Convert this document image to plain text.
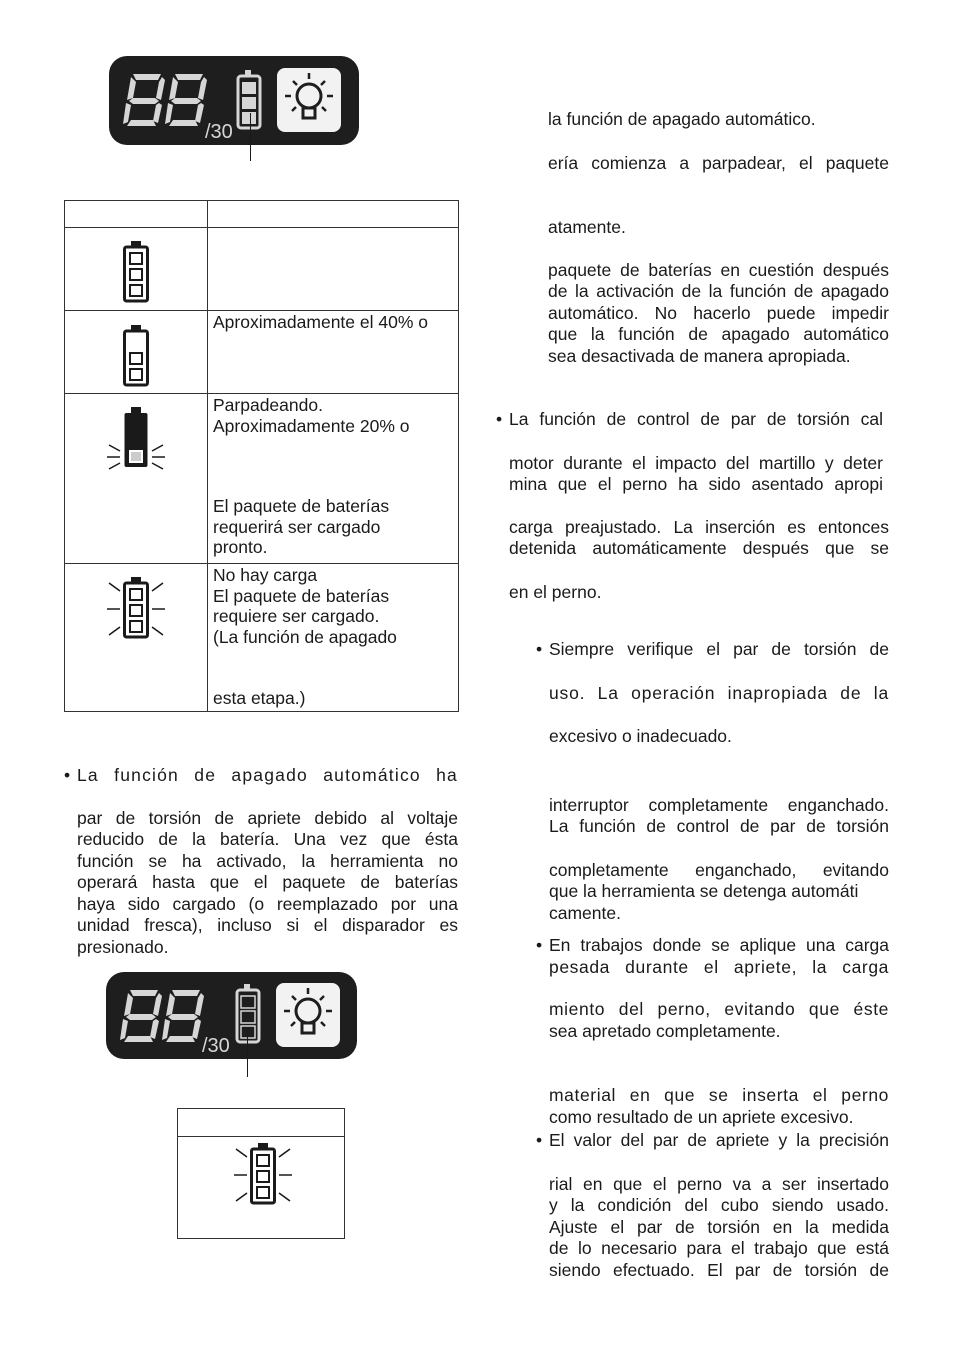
/30
Aproximadamente el 40% o
Parpadeando.
Aproximadamente 20% o
El paquete de baterías
requerirá ser cargado
pronto.
No hay carga
El paquete de baterías
requiere ser cargado.
(La función de apagado
esta etapa.)
• La función de apagado automático ha
par de torsión de apriete debido al voltaje
reducido de la batería. Una vez que ésta
función se ha activado, la herramienta no
operará hasta que el paquete de baterías
haya sido cargado (o reemplazado por una
unidad fresca), incluso si el disparador es
presionado.
/30
la función de apagado automático.
ería comienza a parpadear, el paquete
atamente.
paquete de baterías en cuestión después
de la activación de la función de apagado
automático. No hacerlo puede impedir
que la función de apagado automático
sea desactivada de manera apropiada.
• La función de control de par de torsión cal
motor durante el impacto del martillo y deter
mina que el perno ha sido asentado apropi
carga preajustado. La inserción es entonces
detenida automáticamente después que se
en el perno.
• Siempre verifique el par de torsión de
uso. La operación inapropiada de la
excesivo o inadecuado.
interruptor completamente enganchado.
La función de control de par de torsión
completamente enganchado, evitando
que la herramienta se detenga automáti
camente.
• En trabajos donde se aplique una carga
pesada durante el apriete, la carga
miento del perno, evitando que éste
sea apretado completamente.
material en que se inserta el perno
como resultado de un apriete excesivo.
• El valor del par de apriete y la precisión
rial en que el perno va a ser insertado
y la condición del cubo siendo usado.
Ajuste el par de torsión en la medida
de lo necesario para el trabajo que está
siendo efectuado. El par de torsión de
